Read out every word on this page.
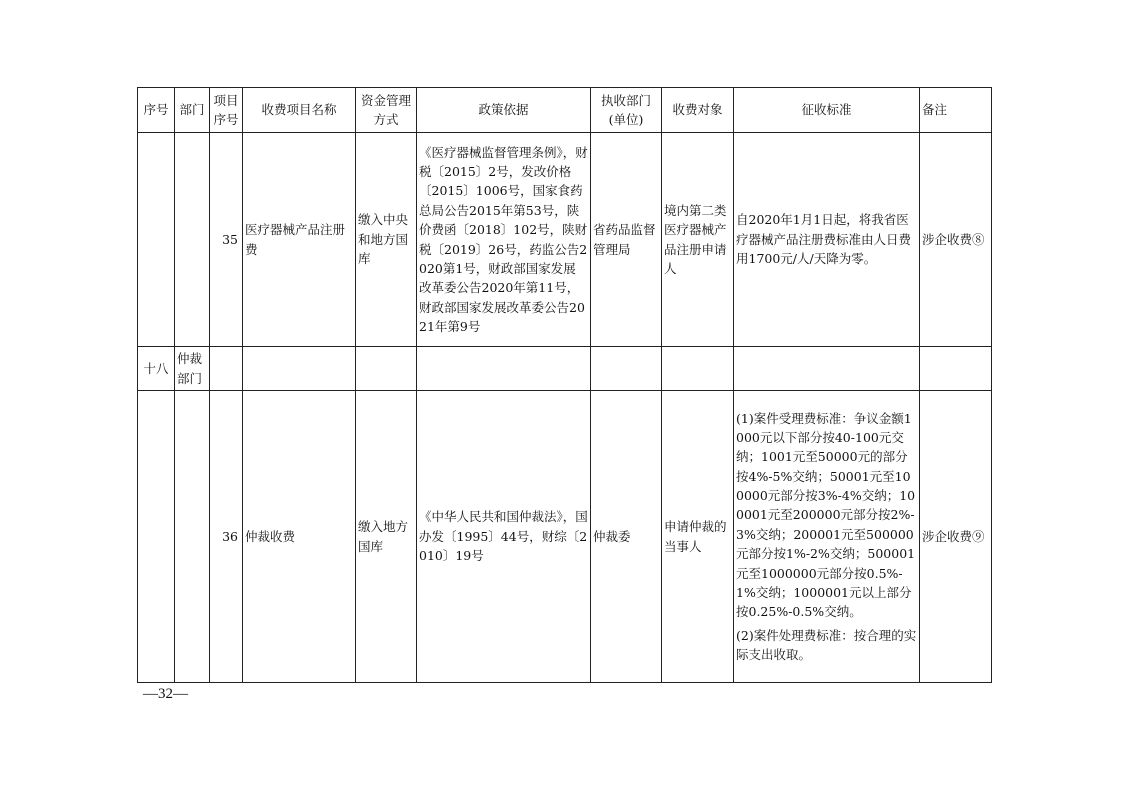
序号	部门	项目序号	收费项目名称	资金管理方式	政策依据	执收部门(单位)	收费对象	征收标准	备注
		35	医疗器械产品注册费	缴入中央和地方国库	《医疗器械监督管理条例》，财税〔2015〕2号，发改价格〔2015〕1006号，国家食药总局公告2015年第53号，陕价费函〔2018〕102号，陕财税〔2019〕26号，药监公告2020第1号，财政部国家发展改革委公告2020年第11号，财政部国家发展改革委公告2021年第9号	省药品监督管理局	境内第二类医疗器械产品注册申请人	自2020年1月1日起，将我省医疗器械产品注册费标准由人日费用1700元/人/天降为零。	涉企收费⑧
十八	仲裁部门								
		36	仲裁收费	缴入地方国库	《中华人民共和国仲裁法》，国办发〔1995〕44号，财综〔2010〕19号	仲裁委	申请仲裁的当事人	(1)案件受理费标准：争议金额1000元以下部分按40-100元交纳；1001元至50000元的部分按4%-5%交纳；50001元至100000元部分按3%-4%交纳；100001元至200000元部分按2%-3%交纳；200001元至500000元部分按1%-2%交纳；500001元至1000000元部分按0.5%-1%交纳；1000001元以上部分按0.25%-0.5%交纳。

(2)案件处理费标准：按合理的实际支出收取。	涉企收费⑨
—32—
